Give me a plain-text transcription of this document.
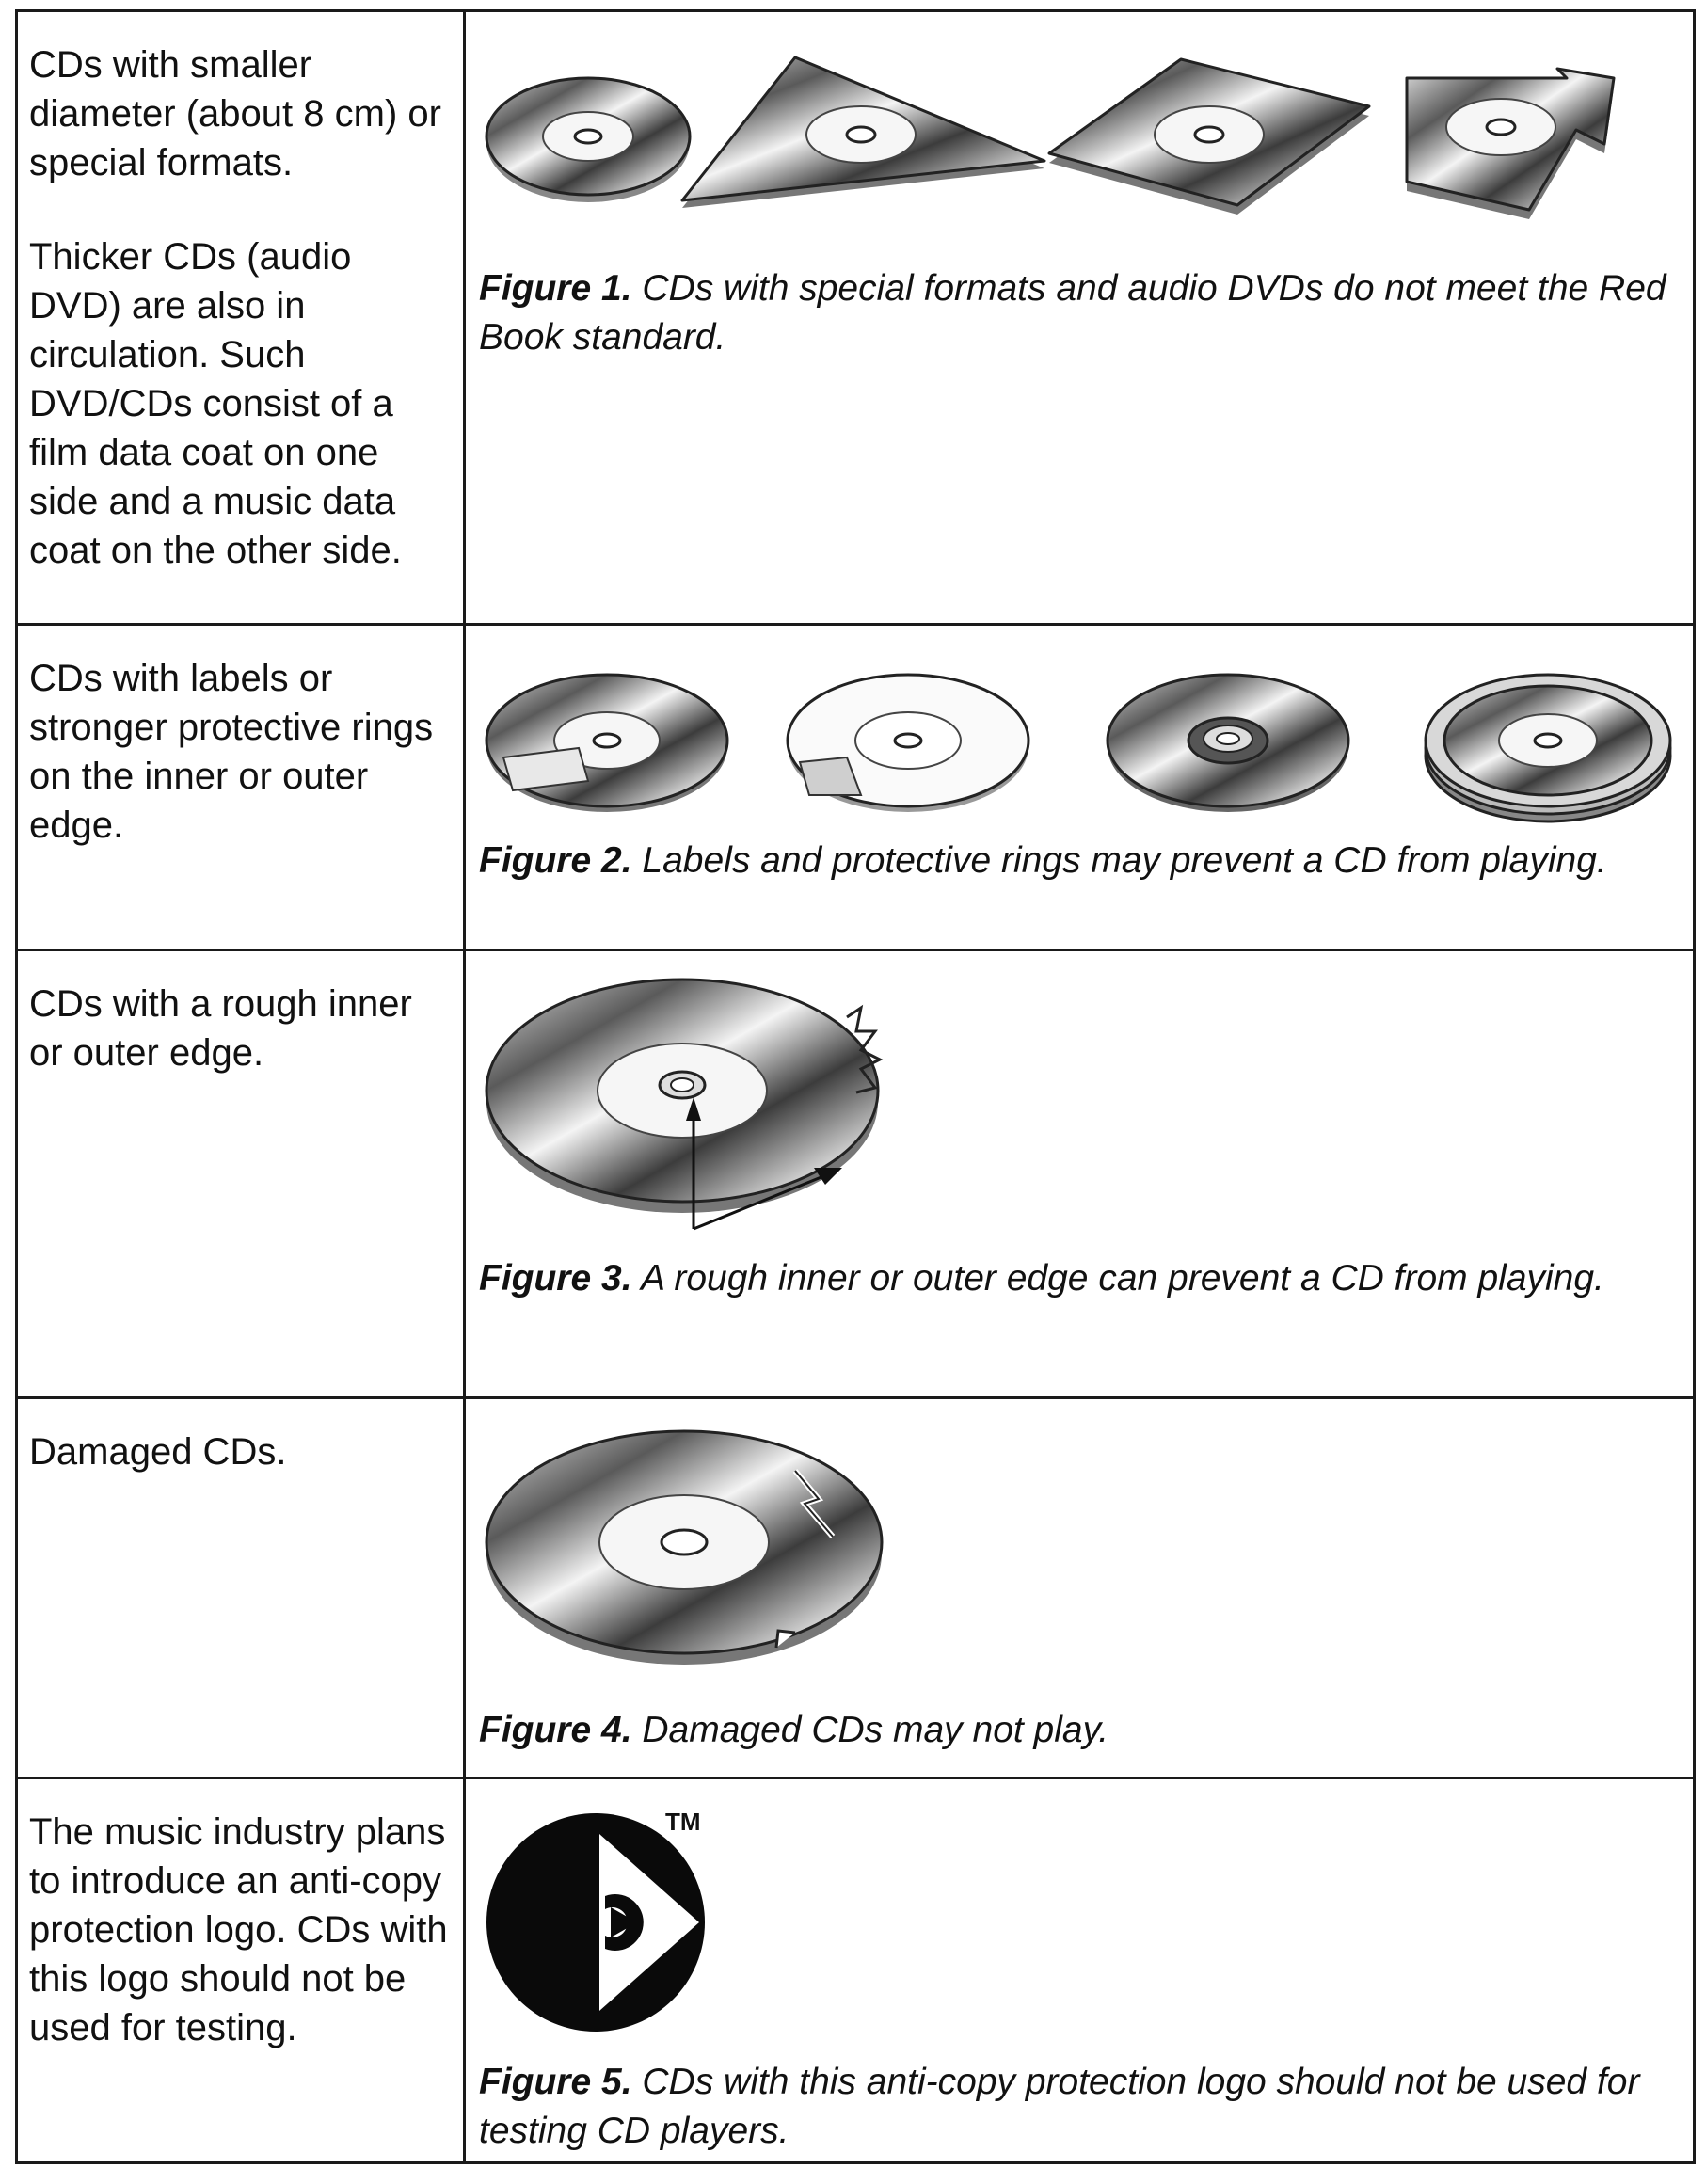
CDs with smaller diameter (about 8 cm) or special formats.

Thicker CDs (audio DVD) are also in circulation. Such DVD/CDs consist of a film data coat on one side and a music data coat on the other side.

Figure 1. CDs with special formats and audio DVDs do not meet the Red Book standard.

CDs with labels or stronger protective rings on the inner or outer edge.

Figure 2. Labels and protective rings may prevent a CD from playing.

CDs with a rough inner or outer edge.

Figure 3. A rough inner or outer edge can prevent a CD from playing.

Damaged CDs.

Figure 4. Damaged CDs may not play.

The music industry plans to introduce an anti-copy protection logo. CDs with this logo should not be used for testing.

TM

Figure 5. CDs with this anti-copy protection logo should not be used for testing CD players.
